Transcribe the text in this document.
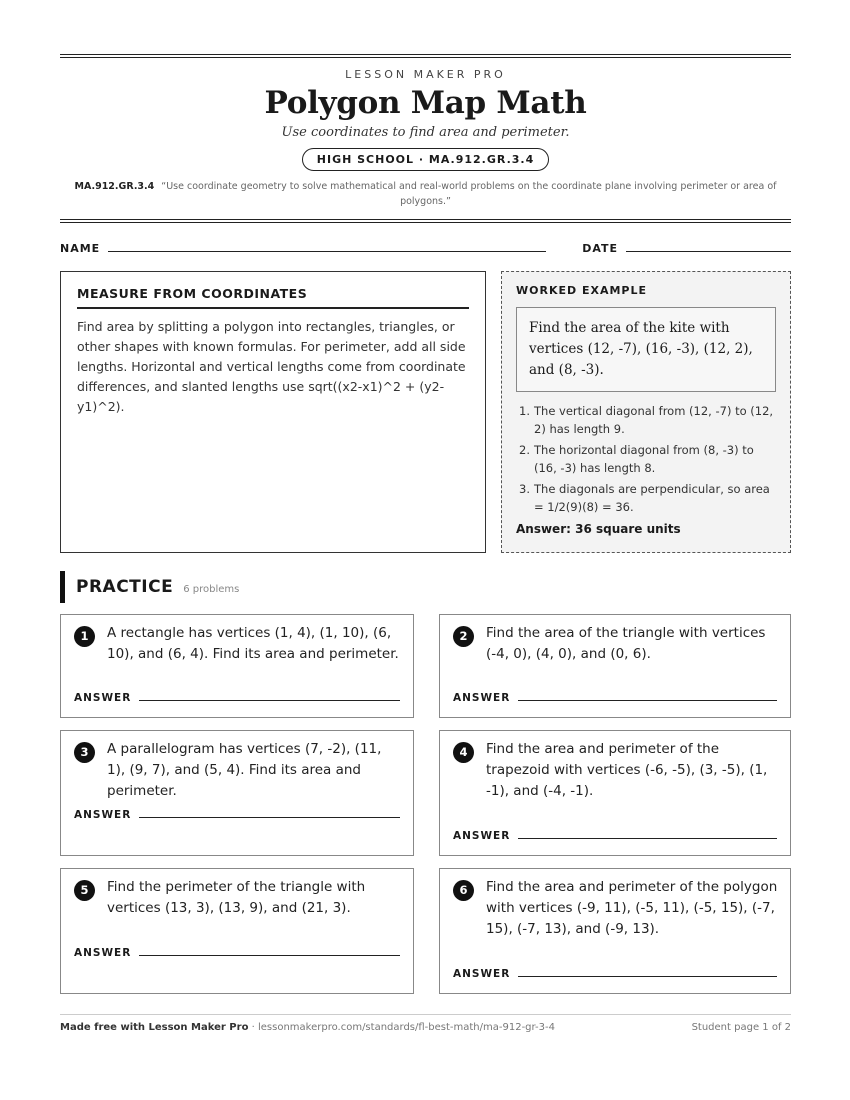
LESSON MAKER PRO
Polygon Map Math
Use coordinates to find area and perimeter.
HIGH SCHOOL · MA.912.GR.3.4
MA.912.GR.3.4 “Use coordinate geometry to solve mathematical and real-world problems on the coordinate plane involving perimeter or area of polygons.”
NAME	DATE
MEASURE FROM COORDINATES

Find area by splitting a polygon into rectangles, triangles, or other shapes with known formulas. For perimeter, add all side lengths. Horizontal and vertical lengths come from coordinate differences, and slanted lengths use sqrt((x2-x1)^2 + (y2-y1)^2).

WORKED EXAMPLE
Find the area of the kite with vertices (12, -7), (16, -3), (12, 2), and (8, -3).
1. The vertical diagonal from (12, -7) to (12, 2) has length 9.
2. The horizontal diagonal from (8, -3) to (16, -3) has length 8.
3. The diagonals are perpendicular, so area = 1/2(9)(8) = 36.
Answer: 36 square units
PRACTICE 6 problems
1	A rectangle has vertices (1, 4), (1, 10), (6, 10), and (6, 4). Find its area and perimeter.
ANSWER
2	Find the area of the triangle with vertices (-4, 0), (4, 0), and (0, 6).
ANSWER
3	A parallelogram has vertices (7, -2), (11, 1), (9, 7), and (5, 4). Find its area and perimeter.
ANSWER
4	Find the area and perimeter of the trapezoid with vertices (-6, -5), (3, -5), (1, -1), and (-4, -1).
ANSWER
5	Find the perimeter of the triangle with vertices (13, 3), (13, 9), and (21, 3).
ANSWER
6	Find the area and perimeter of the polygon with vertices (-9, 11), (-5, 11), (-5, 15), (-7, 15), (-7, 13), and (-9, 13).
ANSWER
Made free with Lesson Maker Pro · lessonmakerpro.com/standards/fl-best-math/ma-912-gr-3-4	Student page 1 of 2
